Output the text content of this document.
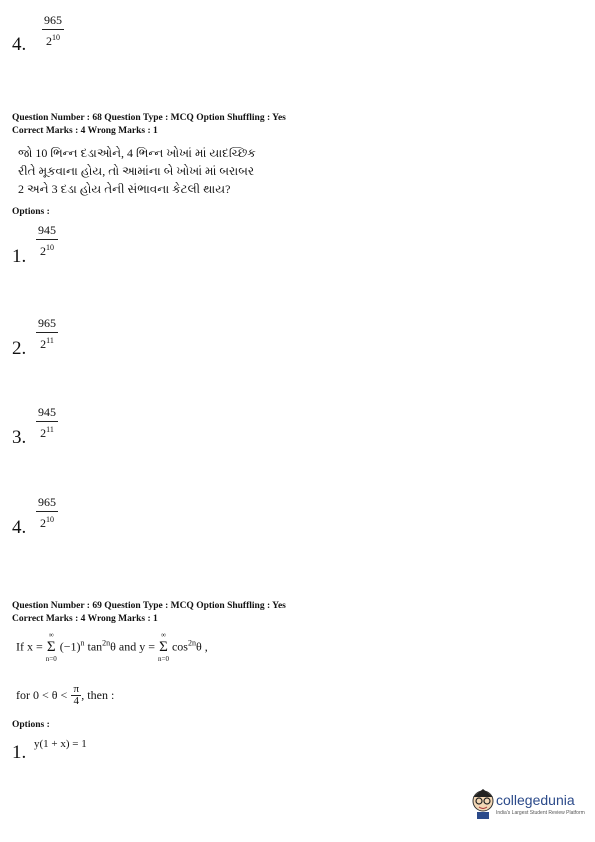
965
$2^{10}$
4.
Question Number : 68 Question Type : MCQ Option Shuffling : Yes
Correct Marks : 4 Wrong Marks : 1
જો 10 ભિન્ન દડાઓને, 4 ભિન્ન ખોખાં માં યાદચ્છિક
રીતે મૂકવાના હોય, તો આમાંના બે ખોખાં માં બરાબર
2 અને 3 દડા હોય તેની સંભાવના કેટલી થાય?
Options :
945
$2^{10}$
1.
965
$2^{11}$
2.
945
$2^{11}$
3.
965
$2^{10}$
4.
Question Number : 69 Question Type : MCQ Option Shuffling : Yes
Correct Marks : 4 Wrong Marks : 1
If x =
∞
Σ
n=0
$(-1)^n$ $\tan^{2n}\theta$ and y =
∞
Σ
n=0
$\cos^{2n}\theta$ ,
for 0 < θ < π
4 , then :
Options :
1. y(1 + x) = 1
collegedunia
India's Largest Student Review Platform
